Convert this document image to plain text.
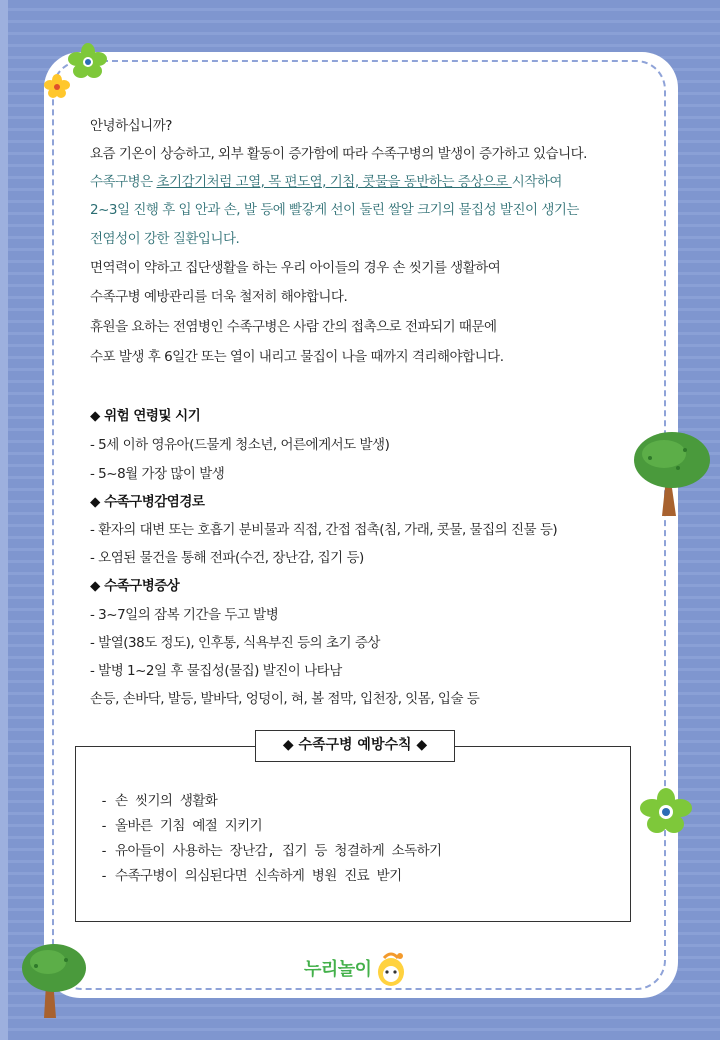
안녕하십니까?
요즘 기온이 상승하고, 외부 활동이 증가함에 따라 수족구병의 발생이 증가하고 있습니다.
수족구병은 초기감기처럼 고열, 목 편도염, 기침, 콧물을 동반하는 증상으로 시작하여
2~3일 진행 후 입 안과 손, 발 등에 빨갛게 선이 둘린 쌀알 크기의 물집성 발진이 생기는
전염성이 강한 질환입니다.
면역력이 약하고 집단생활을 하는 우리 아이들의 경우 손 씻기를 생활하여
수족구병 예방관리를 더욱 철저히 해야합니다.
휴원을 요하는 전염병인 수족구병은 사람 간의 접촉으로 전파되기 때문에
수포 발생 후 6일간 또는 열이 내리고 물집이 나을 때까지 격리해야합니다.
◆ 위험 연령및 시기
- 5세 이하 영유아(드물게 청소년, 어른에게서도 발생)
- 5~8월 가장 많이 발생
◆ 수족구병감염경로
- 환자의 대변 또는 호흡기 분비물과 직접, 간접 접촉(침, 가래, 콧물, 물집의 진물 등)
- 오염된 물건을 통해 전파(수건, 장난감, 집기 등)
◆ 수족구병증상
- 3~7일의 잠복 기간을 두고 발병
- 발열(38도 정도), 인후통, 식욕부진 등의 초기 증상
- 발병 1~2일 후 물집성(물집) 발진이 나타남
손등, 손바닥, 발등, 발바닥, 엉덩이, 혀, 볼 점막, 입천장, 잇몸, 입술 등
◆ 수족구병 예방수칙 ◆
- 손 씻기의 생활화
- 올바른 기침 예절 지키기
- 유아들이 사용하는 장난감, 집기 등 청결하게 소독하기
- 수족구병이 의심된다면 신속하게 병원 진료 받기
누리놀이
